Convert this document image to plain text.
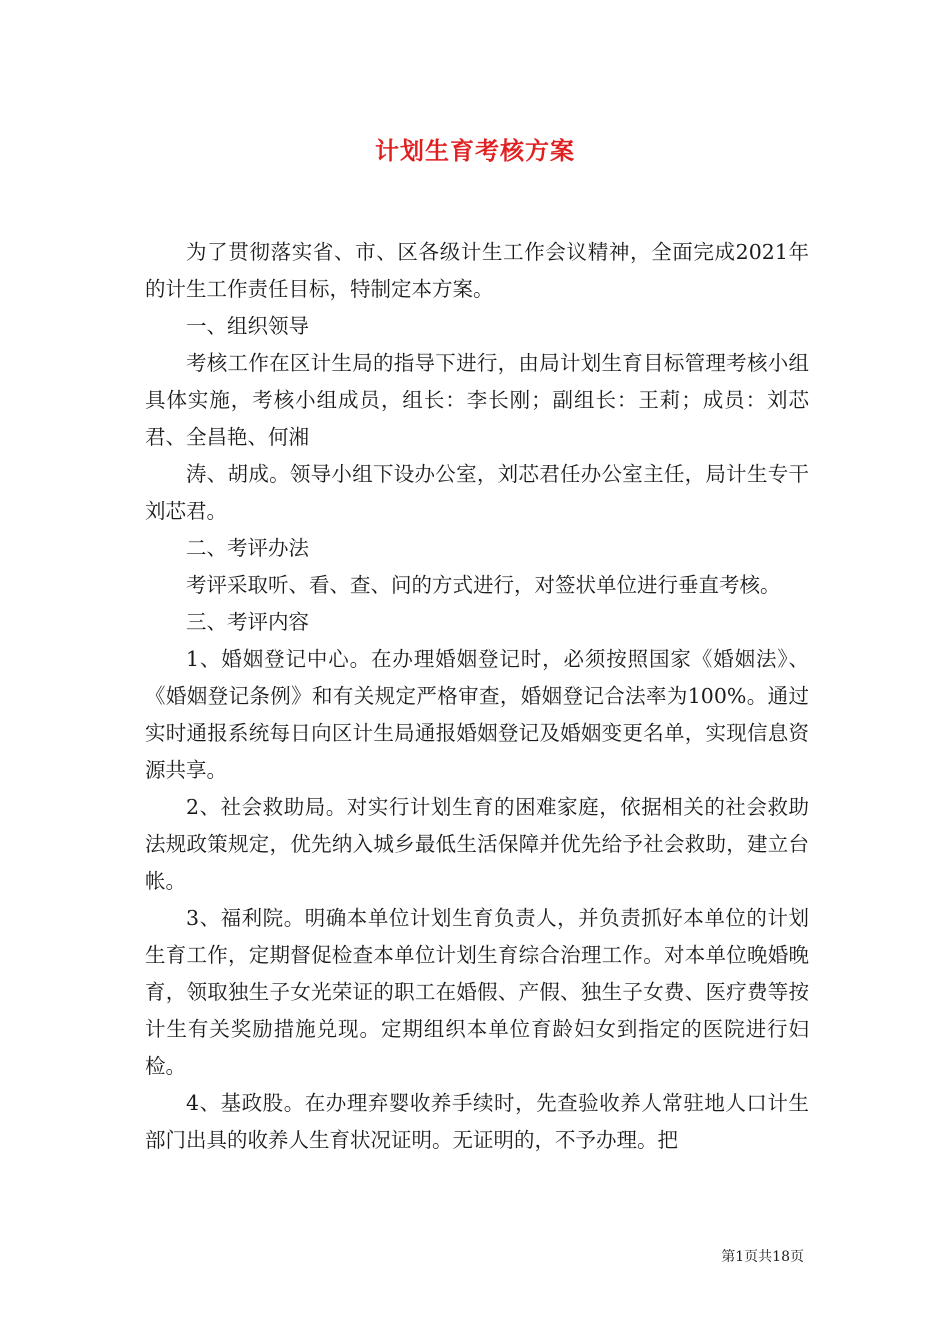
计划生育考核方案

为了贯彻落实省、市、区各级计生工作会议精神，全面完成2021年的计生工作责任目标，特制定本方案。

一、组织领导

考核工作在区计生局的指导下进行，由局计划生育目标管理考核小组具体实施，考核小组成员，组长：李长刚；副组长：王莉；成员：刘芯君、全昌艳、何湘

涛、胡成。领导小组下设办公室，刘芯君任办公室主任，局计生专干刘芯君。

二、考评办法

考评采取听、看、查、问的方式进行，对签状单位进行垂直考核。

三、考评内容

1、婚姻登记中心。在办理婚姻登记时，必须按照国家《婚姻法》、《婚姻登记条例》和有关规定严格审查，婚姻登记合法率为100%。通过实时通报系统每日向区计生局通报婚姻登记及婚姻变更名单，实现信息资源共享。

2、社会救助局。对实行计划生育的困难家庭，依据相关的社会救助法规政策规定，优先纳入城乡最低生活保障并优先给予社会救助，建立台帐。

3、福利院。明确本单位计划生育负责人，并负责抓好本单位的计划生育工作，定期督促检查本单位计划生育综合治理工作。对本单位晚婚晚育，领取独生子女光荣证的职工在婚假、产假、独生子女费、医疗费等按计生有关奖励措施兑现。定期组织本单位育龄妇女到指定的医院进行妇检。

4、基政股。在办理弃婴收养手续时，先查验收养人常驻地人口计生部门出具的收养人生育状况证明。无证明的，不予办理。把

第1页共18页
